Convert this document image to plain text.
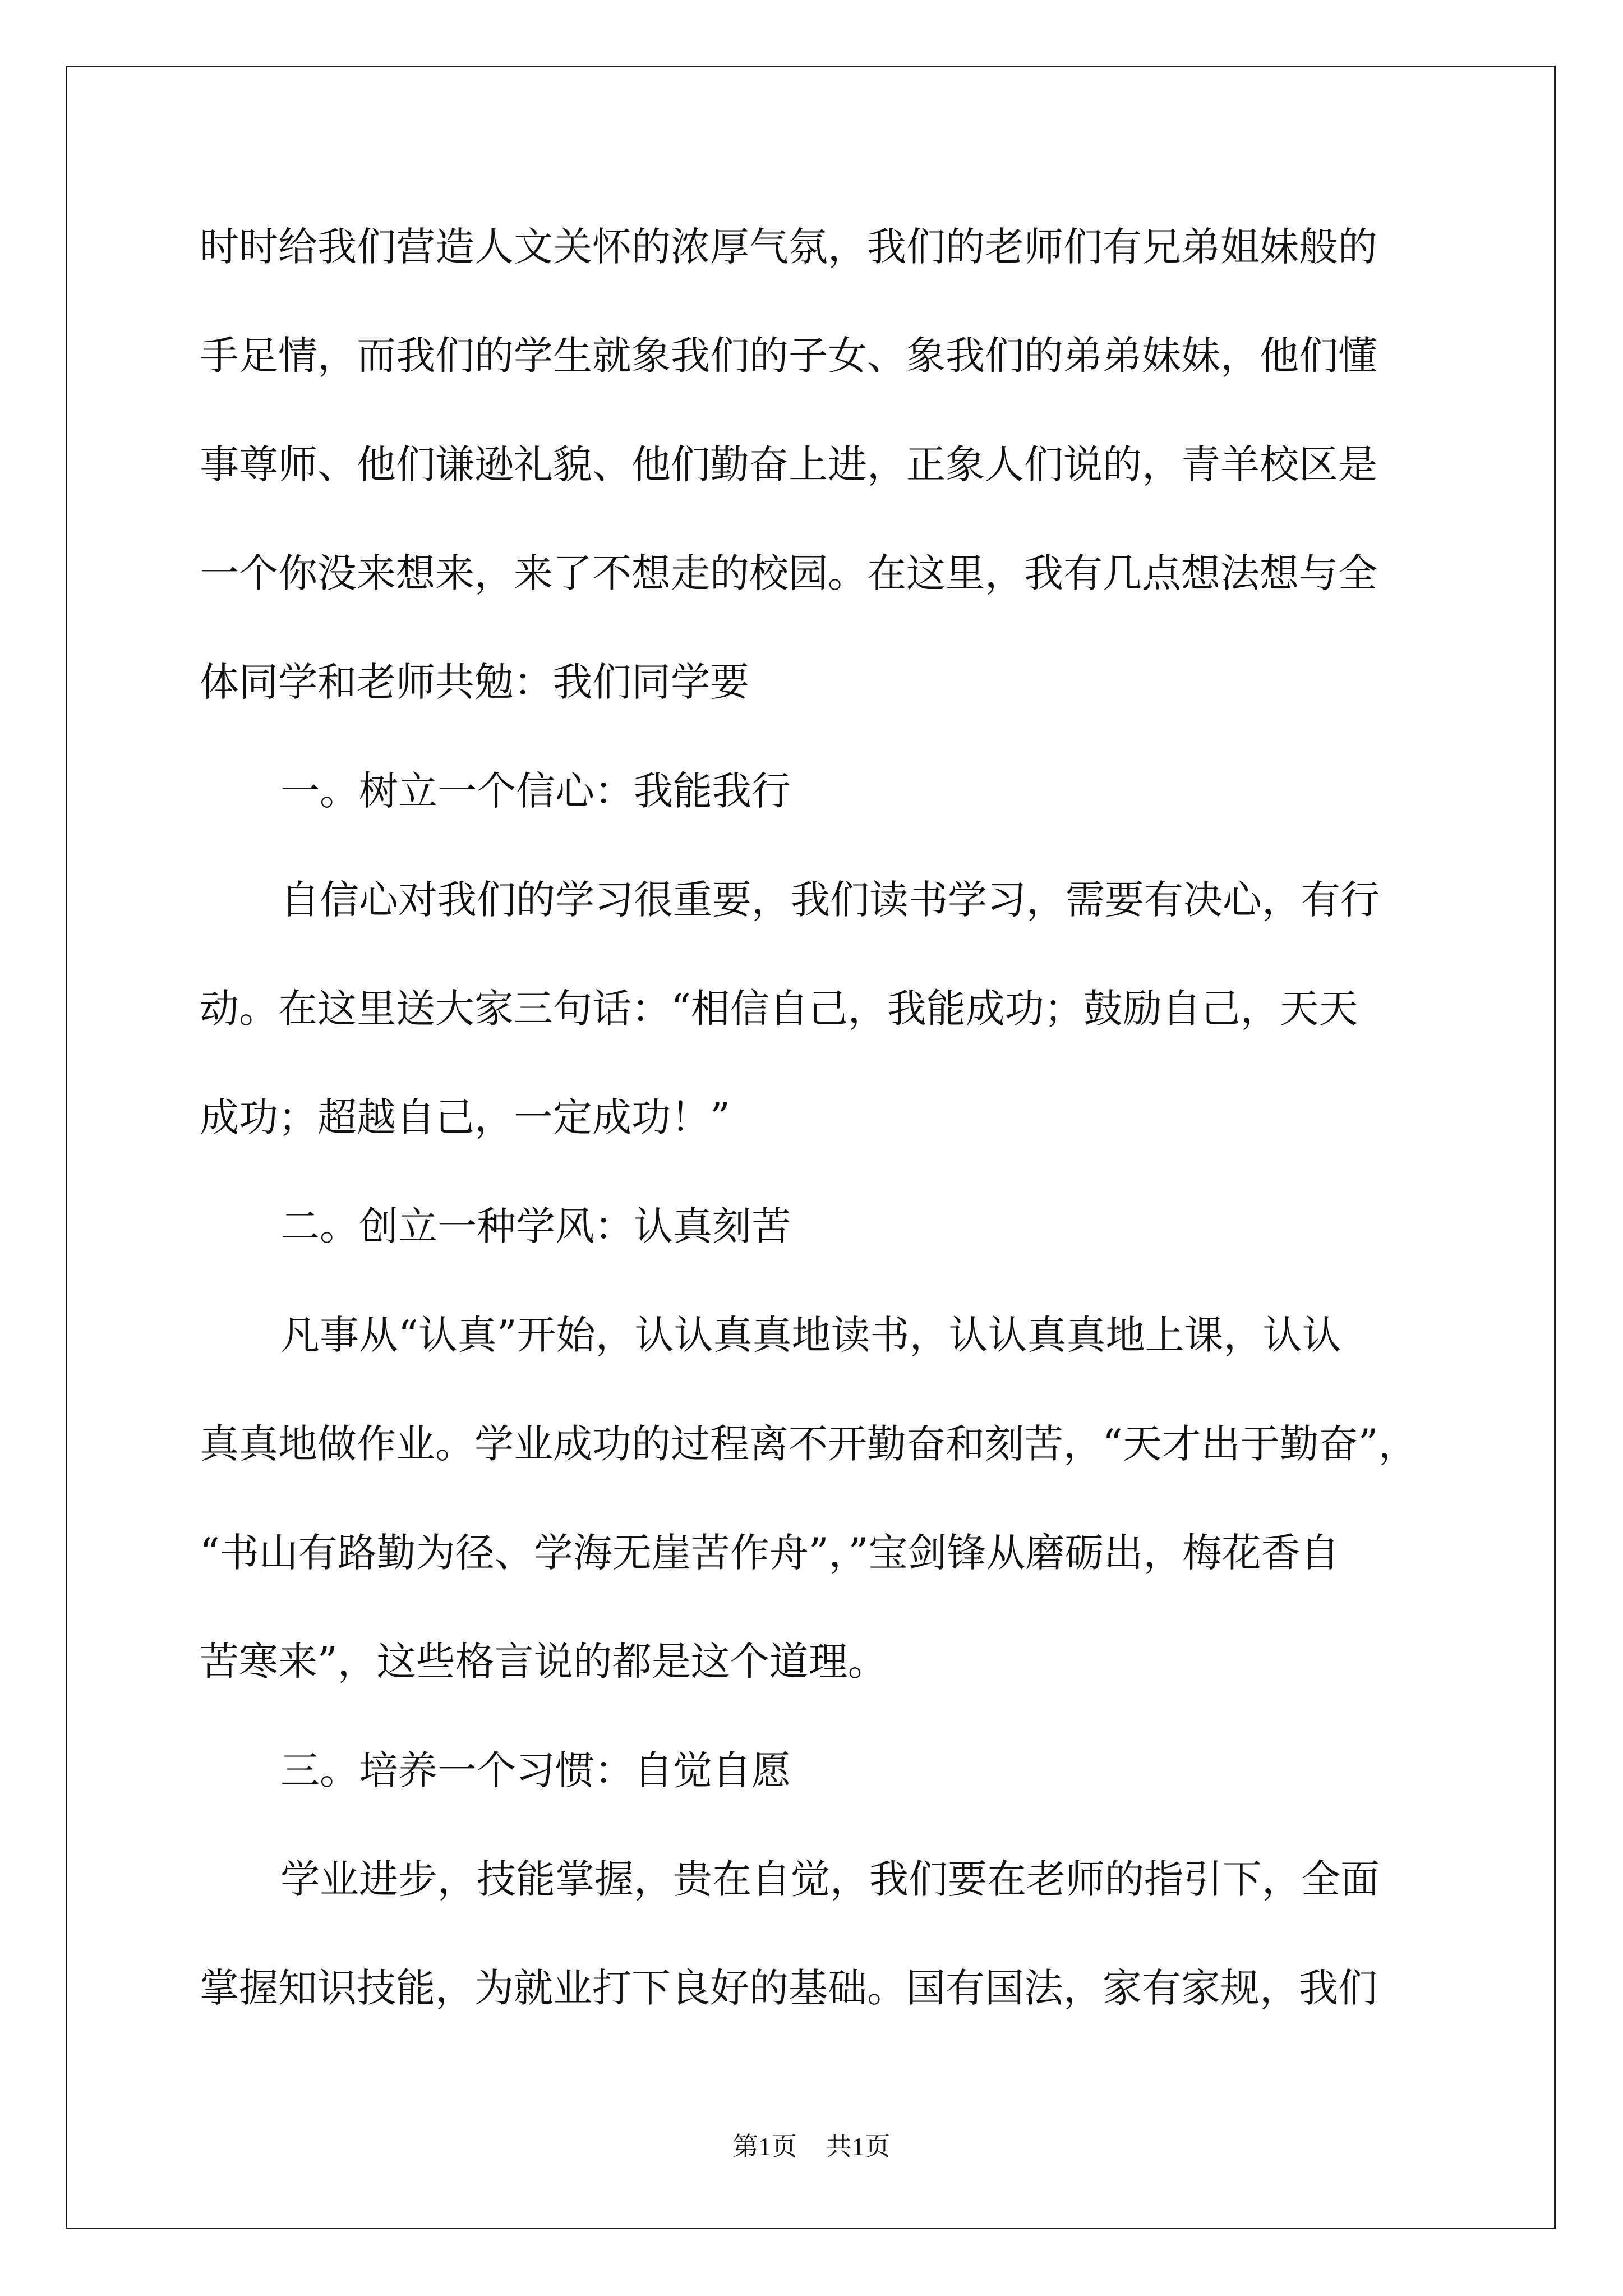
时时给我们营造人文关怀的浓厚气氛，我们的老师们有兄弟姐妹般的
手足情，而我们的学生就象我们的子女、象我们的弟弟妹妹，他们懂
事尊师、他们谦逊礼貌、他们勤奋上进，正象人们说的，青羊校区是
一个你没来想来，来了不想走的校园。在这里，我有几点想法想与全
体同学和老师共勉：我们同学要
一。树立一个信心：我能我行
自信心对我们的学习很重要，我们读书学习，需要有决心，有行
动。在这里送大家三句话：“相信自己，我能成功；鼓励自己，天天
成功；超越自己，一定成功！”
二。创立一种学风：认真刻苦
凡事从“认真”开始，认认真真地读书，认认真真地上课，认认
真真地做作业。学业成功的过程离不开勤奋和刻苦，“天才出于勤奋”，
“书山有路勤为径、学海无崖苦作舟”，”宝剑锋从磨砺出，梅花香自
苦寒来”，这些格言说的都是这个道理。
三。培养一个习惯：自觉自愿
学业进步，技能掌握，贵在自觉，我们要在老师的指引下，全面
掌握知识技能，为就业打下良好的基础。国有国法，家有家规，我们
第1页 共1页
